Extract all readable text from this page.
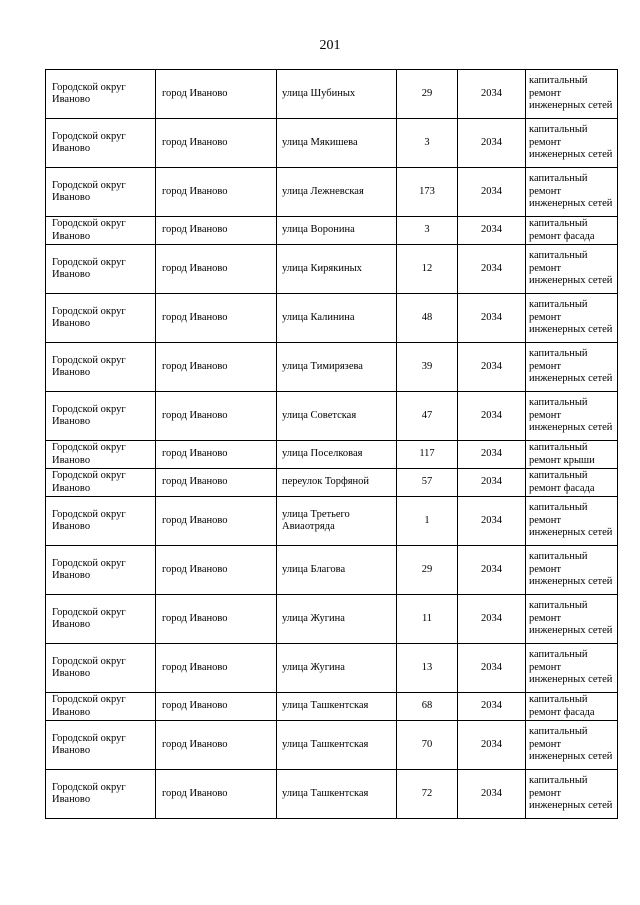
201
Городской округ Иваново	город Иваново	улица Шубиных	29	2034	капитальный ремонт инженерных сетей
Городской округ Иваново	город Иваново	улица Мякишева	3	2034	капитальный ремонт инженерных сетей
Городской округ Иваново	город Иваново	улица Лежневская	173	2034	капитальный ремонт инженерных сетей
Городской округ Иваново	город Иваново	улица Воронина	3	2034	капитальный ремонт фасада
Городской округ Иваново	город Иваново	улица Кирякиных	12	2034	капитальный ремонт инженерных сетей
Городской округ Иваново	город Иваново	улица Калинина	48	2034	капитальный ремонт инженерных сетей
Городской округ Иваново	город Иваново	улица Тимирязева	39	2034	капитальный ремонт инженерных сетей
Городской округ Иваново	город Иваново	улица Советская	47	2034	капитальный ремонт инженерных сетей
Городской округ Иваново	город Иваново	улица Поселковая	117	2034	капитальный ремонт крыши
Городской округ Иваново	город Иваново	переулок Торфяной	57	2034	капитальный ремонт фасада
Городской округ Иваново	город Иваново	улица Третьего Авиаотряда	1	2034	капитальный ремонт инженерных сетей
Городской округ Иваново	город Иваново	улица Благова	29	2034	капитальный ремонт инженерных сетей
Городской округ Иваново	город Иваново	улица Жугина	11	2034	капитальный ремонт инженерных сетей
Городской округ Иваново	город Иваново	улица Жугина	13	2034	капитальный ремонт инженерных сетей
Городской округ Иваново	город Иваново	улица Ташкентская	68	2034	капитальный ремонт фасада
Городской округ Иваново	город Иваново	улица Ташкентская	70	2034	капитальный ремонт инженерных сетей
Городской округ Иваново	город Иваново	улица Ташкентская	72	2034	капитальный ремонт инженерных сетей
